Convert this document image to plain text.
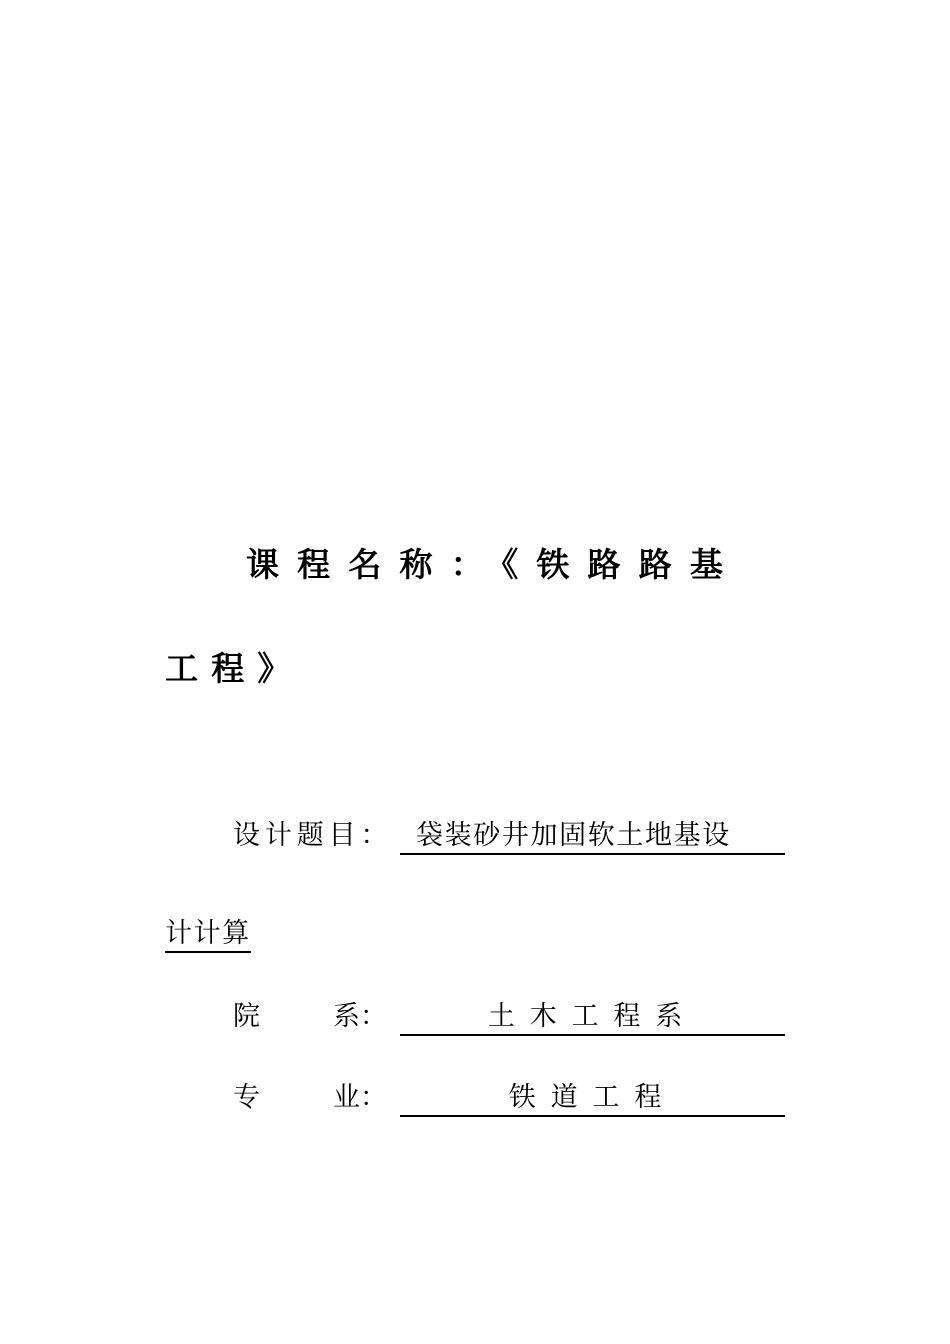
课程名称：《铁路路基
工程》
设计题目： 袋装砂井加固软土地基设
计计算
院	系：	土木工程系
专	业：	铁道工程
